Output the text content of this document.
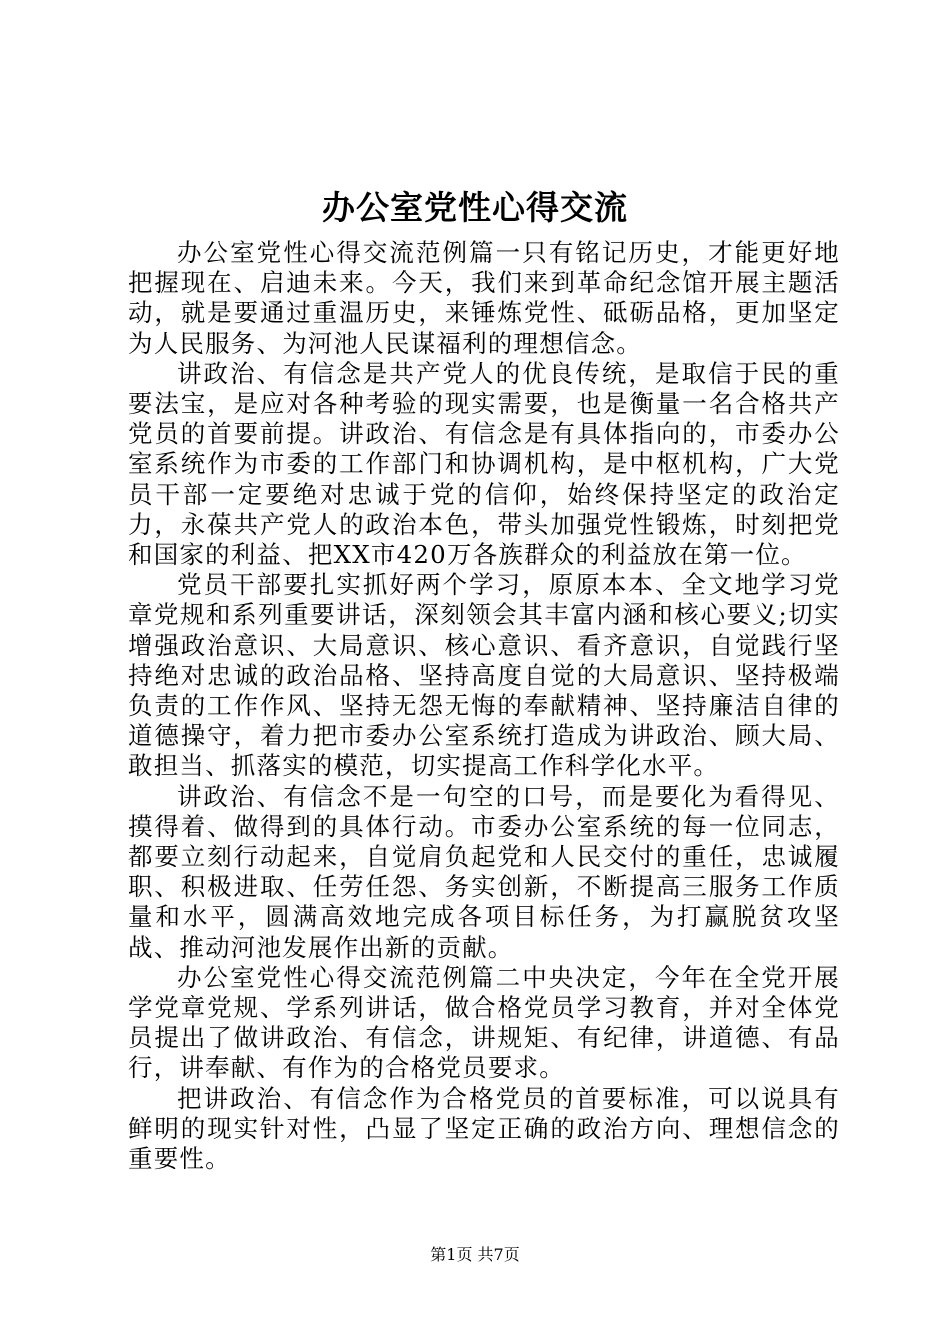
办公室党性心得交流

办公室党性心得交流范例篇一只有铭记历史，才能更好地把握现在、启迪未来。今天，我们来到革命纪念馆开展主题活动，就是要通过重温历史，来锤炼党性、砥砺品格，更加坚定为人民服务、为河池人民谋福利的理想信念。

讲政治、有信念是共产党人的优良传统，是取信于民的重要法宝，是应对各种考验的现实需要，也是衡量一名合格共产党员的首要前提。讲政治、有信念是有具体指向的，市委办公室系统作为市委的工作部门和协调机构，是中枢机构，广大党员干部一定要绝对忠诚于党的信仰，始终保持坚定的政治定力，永葆共产党人的政治本色，带头加强党性锻炼，时刻把党和国家的利益、把XX市420万各族群众的利益放在第一位。

党员干部要扎实抓好两个学习，原原本本、全文地学习党章党规和系列重要讲话，深刻领会其丰富内涵和核心要义;切实增强政治意识、大局意识、核心意识、看齐意识，自觉践行坚持绝对忠诚的政治品格、坚持高度自觉的大局意识、坚持极端负责的工作作风、坚持无怨无悔的奉献精神、坚持廉洁自律的道德操守，着力把市委办公室系统打造成为讲政治、顾大局、敢担当、抓落实的模范，切实提高工作科学化水平。

讲政治、有信念不是一句空的口号，而是要化为看得见、摸得着、做得到的具体行动。市委办公室系统的每一位同志，都要立刻行动起来，自觉肩负起党和人民交付的重任，忠诚履职、积极进取、任劳任怨、务实创新，不断提高三服务工作质量和水平，圆满高效地完成各项目标任务，为打赢脱贫攻坚战、推动河池发展作出新的贡献。

办公室党性心得交流范例篇二中央决定，今年在全党开展学党章党规、学系列讲话，做合格党员学习教育，并对全体党员提出了做讲政治、有信念，讲规矩、有纪律，讲道德、有品行，讲奉献、有作为的合格党员要求。

把讲政治、有信念作为合格党员的首要标准，可以说具有鲜明的现实针对性，凸显了坚定正确的政治方向、理想信念的重要性。

第1页 共7页
